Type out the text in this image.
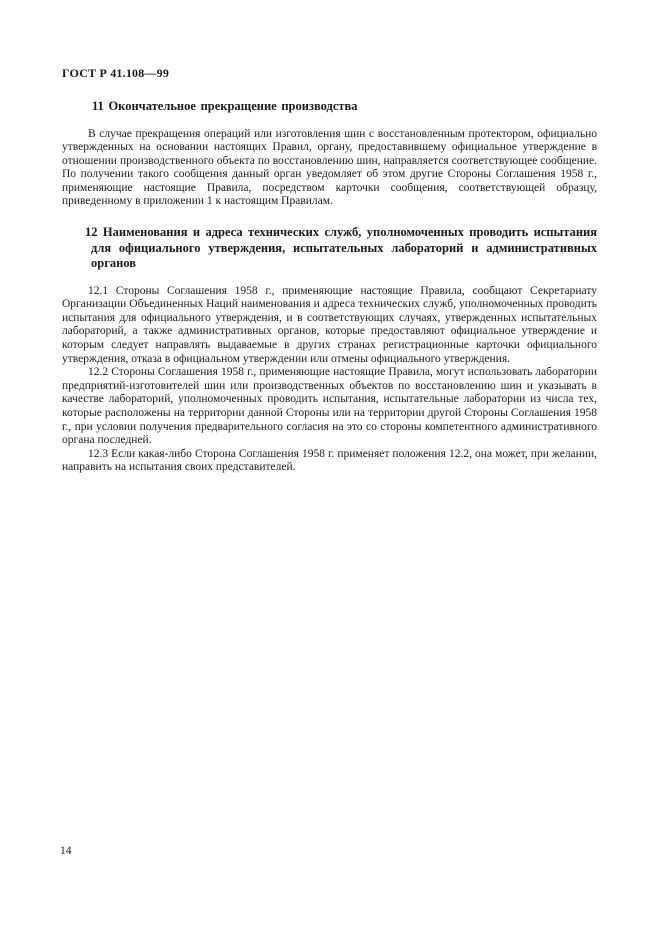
ГОСТ Р 41.108—99
11 Окончательное прекращение производства

В случае прекращения операций или изготовления шин с восстановленным протектором, официально утвержденных на основании настоящих Правил, органу, предоставившему официальное утверждение в отношении производственного объекта по восстановлению шин, направляется соответствующее сообщение. По получении такого сообщения данный орган уведомляет об этом другие Стороны Соглашения 1958 г., применяющие настоящие Правила, посредством карточки сообщения, соответствующей образцу, приведенному в приложении 1 к настоящим Правилам.

12 Наименования и адреса технических служб, уполномоченных проводить испытания для официального утверждения, испытательных лабораторий и административных органов

12.1 Стороны Соглашения 1958 г., применяющие настоящие Правила, сообщают Секретариату Организации Объединенных Наций наименования и адреса технических служб, уполномоченных проводить испытания для официального утверждения, и в соответствующих случаях, утвержденных испытательных лабораторий, а также административных органов, которые предоставляют официальное утверждение и которым следует направлять выдаваемые в других странах регистрационные карточки официального утверждения, отказа в официальном утверждении или отмены официального утверждения.

12.2 Стороны Соглашения 1958 г., применяющие настоящие Правила, могут использовать лаборатории предприятий-изготовителей шин или производственных объектов по восстановлению шин и указывать в качестве лабораторий, уполномоченных проводить испытания, испытательные лаборатории из числа тех, которые расположены на территории данной Стороны или на территории другой Стороны Соглашения 1958 г., при условии получения предварительного согласия на это со стороны компетентного административного органа последней.

12.3 Если какая-либо Сторона Соглашения 1958 г. применяет положения 12.2, она может, при желании, направить на испытания своих представителей.

14
